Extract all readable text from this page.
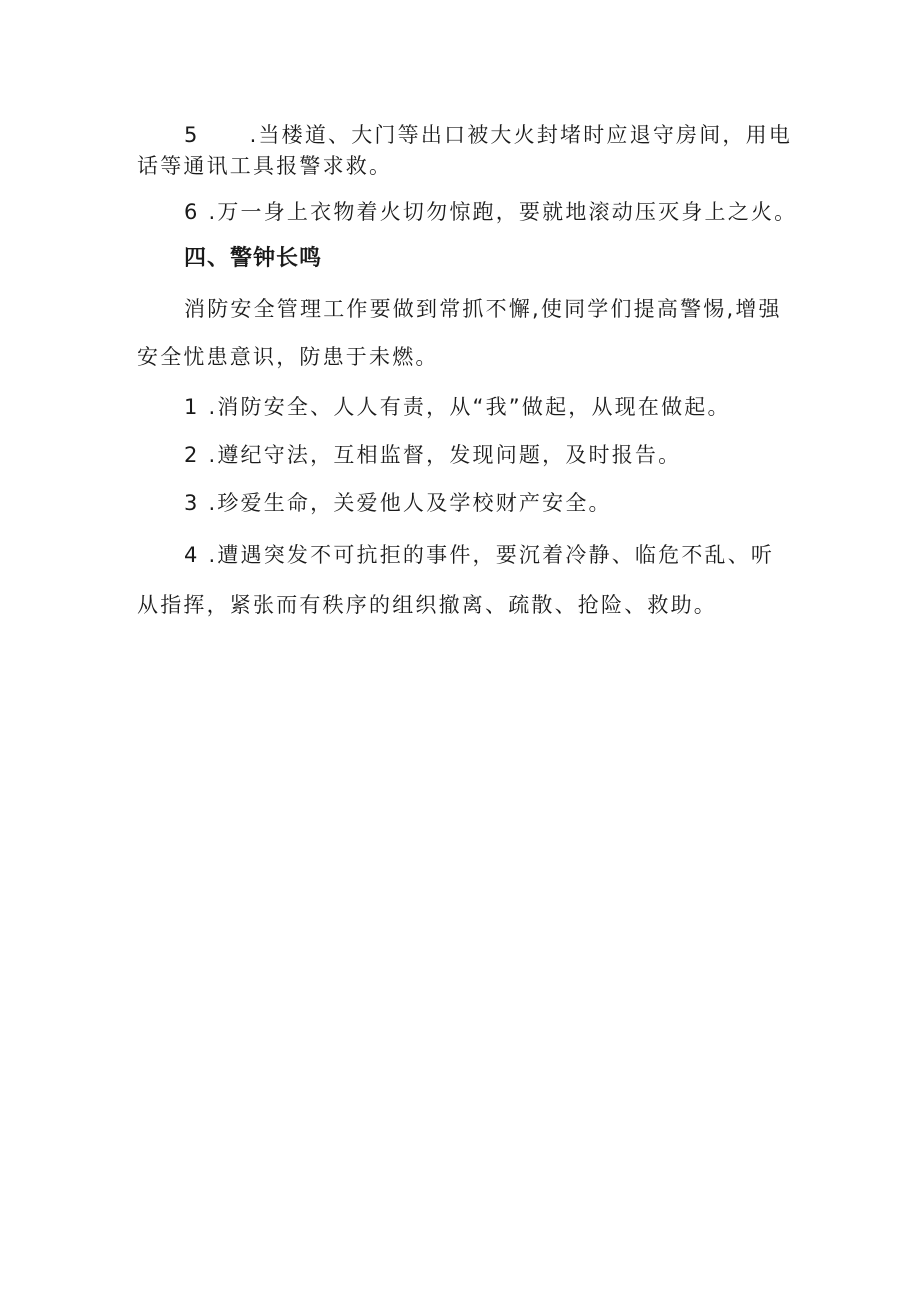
5 .当楼道、大门等出口被大火封堵时应退守房间，用电
话等通讯工具报警求救。
6 .万一身上衣物着火切勿惊跑，要就地滚动压灭身上之火。
四、警钟长鸣
消防安全管理工作要做到常抓不懈,使同学们提高警惕,增强
安全忧患意识，防患于未燃。
1 .消防安全、人人有责，从“我”做起，从现在做起。
2 .遵纪守法，互相监督，发现问题，及时报告。
3 .珍爱生命，关爱他人及学校财产安全。
4 .遭遇突发不可抗拒的事件，要沉着冷静、临危不乱、听
从指挥，紧张而有秩序的组织撤离、疏散、抢险、救助。
